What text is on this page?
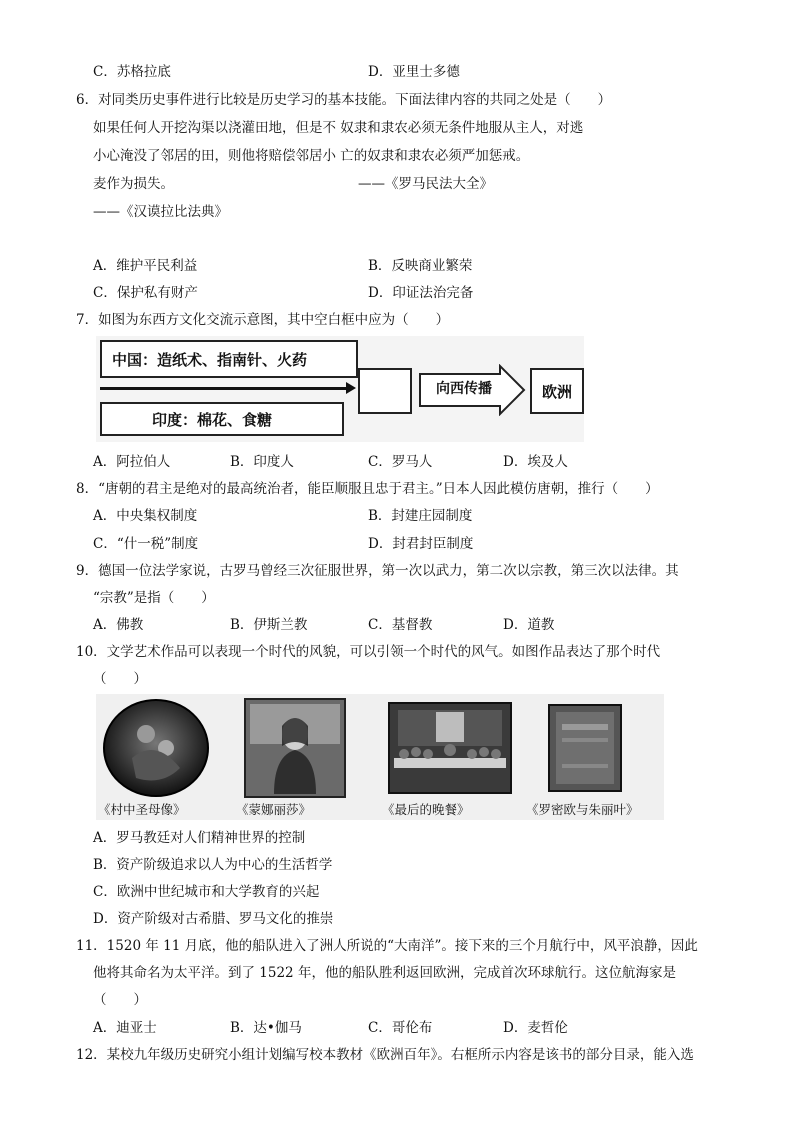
C．苏格拉底	D．亚里士多德
6．对同类历史事件进行比较是历史学习的基本技能。下面法律内容的共同之处是（　　）
如果任何人开挖沟渠以浇灌田地，但是不 奴隶和隶农必须无条件地服从主人，对逃
小心淹没了邻居的田，则他将赔偿邻居小 亡的奴隶和隶农必须严加惩戒。
麦作为损失。	——《罗马民法大全》
——《汉谟拉比法典》
A．维护平民利益	B．反映商业繁荣
C．保护私有财产	D．印证法治完备
7．如图为东西方文化交流示意图，其中空白框中应为（　　）
中国：造纸术、指南针、火药
印度：棉花、食糖
向西传播	欧洲
A．阿拉伯人	B．印度人	C．罗马人	D．埃及人
8．“唐朝的君主是绝对的最高统治者，能臣顺服且忠于君主。”日本人因此模仿唐朝，推行（　　）
A．中央集权制度	B．封建庄园制度
C．“什一税”制度	D．封君封臣制度
9．德国一位法学家说，古罗马曾经三次征服世界，第一次以武力，第二次以宗教，第三次以法律。其
“宗教”是指（　　）
A．佛教	B．伊斯兰教	C．基督教	D．道教
10．文学艺术作品可以表现一个时代的风貌，可以引领一个时代的风气。如图作品表达了那个时代
（　　）
《村中圣母像》	《蒙娜丽莎》	《最后的晚餐》	《罗密欧与朱丽叶》
A．罗马教廷对人们精神世界的控制
B．资产阶级追求以人为中心的生活哲学
C．欧洲中世纪城市和大学教育的兴起
D．资产阶级对古希腊、罗马文化的推崇
11．1520 年 11 月底，他的船队进入了洲人所说的“大南洋”。接下来的三个月航行中，风平浪静，因此
他将其命名为太平洋。到了 1522 年，他的船队胜利返回欧洲，完成首次环球航行。这位航海家是
（　　）
A．迪亚士	B．达•伽马	C．哥伦布	D．麦哲伦
12．某校九年级历史研究小组计划编写校本教材《欧洲百年》。右框所示内容是该书的部分目录，能入选
